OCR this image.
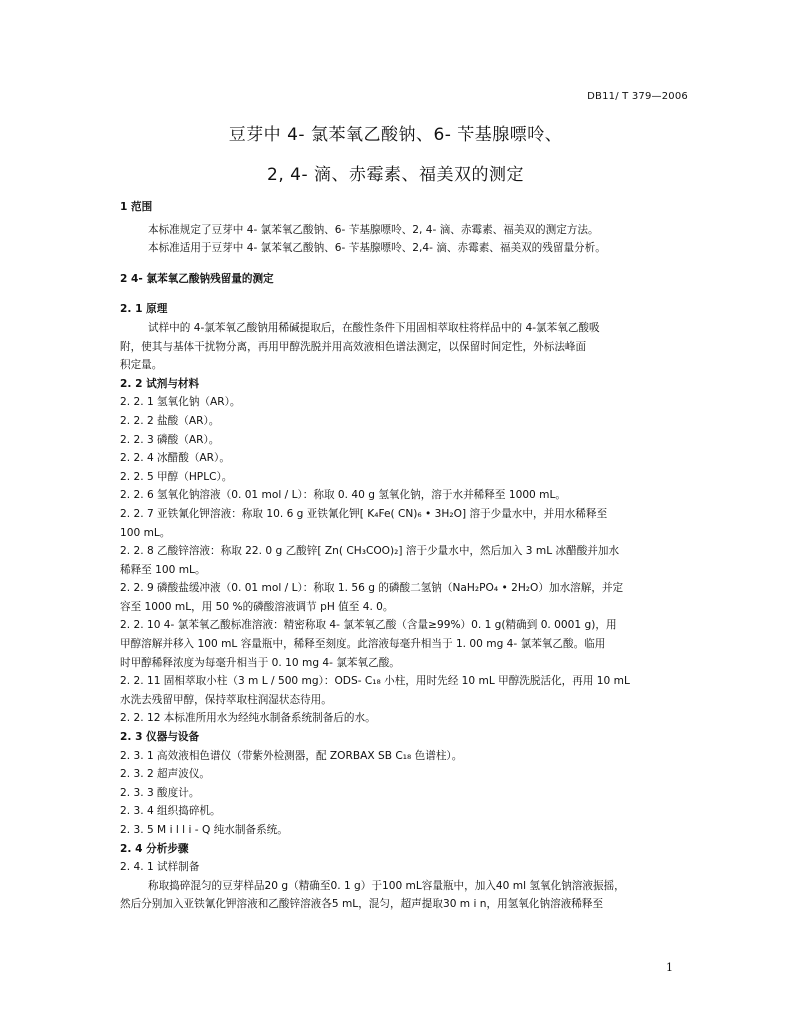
DB11/ T 379—2006
豆芽中 4- 氯苯氧乙酸钠、6- 苄基腺嘌呤、
2, 4- 滴、赤霉素、福美双的测定
1 范围
本标准规定了豆芽中 4- 氯苯氧乙酸钠、6- 苄基腺嘌呤、2, 4- 滴、赤霉素、福美双的测定方法。
本标准适用于豆芽中 4- 氯苯氧乙酸钠、6- 苄基腺嘌呤、2,4- 滴、赤霉素、福美双的残留量分析。
2 4- 氯苯氧乙酸钠残留量的测定
2. 1 原理
试样中的 4-氯苯氧乙酸钠用稀碱提取后，在酸性条件下用固相萃取柱将样品中的 4-氯苯氧乙酸吸
附，使其与基体干扰物分离，再用甲醇洗脱并用高效液相色谱法测定，以保留时间定性，外标法峰面
积定量。
2. 2 试剂与材料
2. 2. 1 氢氧化钠（AR）。
2. 2. 2 盐酸（AR）。
2. 2. 3 磷酸（AR）。
2. 2. 4 冰醋酸（AR）。
2. 2. 5 甲醇（HPLC）。
2. 2. 6 氢氧化钠溶液（0. 01 mol / L）：称取 0. 40 g 氢氧化钠，溶于水并稀释至 1000 mL。
2. 2. 7 亚铁氰化钾溶液：称取 10. 6 g 亚铁氰化钾[ K₄Fe( CN)₆ • 3H₂O] 溶于少量水中，并用水稀释至
100 mL。
2. 2. 8 乙酸锌溶液：称取 22. 0 g 乙酸锌[ Zn( CH₃COO)₂] 溶于少量水中，然后加入 3 mL 冰醋酸并加水
稀释至 100 mL。
2. 2. 9 磷酸盐缓冲液（0. 01 mol / L）：称取 1. 56 g 的磷酸二氢钠（NaH₂PO₄ • 2H₂O）加水溶解，并定
容至 1000 mL，用 50 %的磷酸溶液调节 pH 值至 4. 0。
2. 2. 10 4- 氯苯氧乙酸标准溶液：精密称取 4- 氯苯氧乙酸（含量≥99%）0. 1 g(精确到 0. 0001 g)，用
甲醇溶解并移入 100 mL 容量瓶中，稀释至刻度。此溶液每毫升相当于 1. 00 mg 4- 氯苯氧乙酸。临用
时甲醇稀释浓度为每毫升相当于 0. 10 mg 4- 氯苯氧乙酸。
2. 2. 11 固相萃取小柱（3 m L / 500 mg）：ODS- C₁₈ 小柱，用时先经 10 mL 甲醇洗脱活化，再用 10 mL
水洗去残留甲醇，保持萃取柱润湿状态待用。
2. 2. 12 本标准所用水为经纯水制备系统制备后的水。
2. 3 仪器与设备
2. 3. 1 高效液相色谱仪（带紫外检测器，配 ZORBAX SB C₁₈ 色谱柱）。
2. 3. 2 超声波仪。
2. 3. 3 酸度计。
2. 3. 4 组织捣碎机。
2. 3. 5 M i l l i - Q 纯水制备系统。
2. 4 分析步骤
2. 4. 1 试样制备
称取捣碎混匀的豆芽样品20 g（精确至0. 1 g）于100 mL容量瓶中，加入40 ml 氢氧化钠溶液振摇，
然后分别加入亚铁氰化钾溶液和乙酸锌溶液各5 mL，混匀，超声提取30 m i n，用氢氧化钠溶液稀释至
1
